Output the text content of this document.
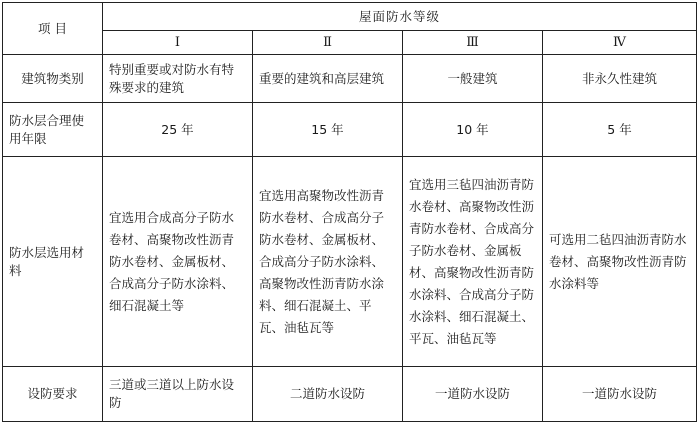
项 目	屋面防水等级			
	Ⅰ	Ⅱ	Ⅲ	Ⅳ
建筑物类别	特别重要或对防水有特殊要求的建筑	重要的建筑和高层建筑	一般建筑	非永久性建筑
防水层合理使用年限	25 年	15 年	10 年	5 年
防水层选用材料	宜选用合成高分子防水卷材、高聚物改性沥青防水卷材、金属板材、合成高分子防水涂料、细石混凝土等	宜选用高聚物改性沥青防水卷材、合成高分子防水卷材、金属板材、合成高分子防水涂料、高聚物改性沥青防水涂料、细石混凝土、平瓦、油毡瓦等	宜选用三毡四油沥青防水卷材、高聚物改性沥青防水卷材、合成高分子防水卷材、金属板材、高聚物改性沥青防水涂料、合成高分子防水涂料、细石混凝土、平瓦、油毡瓦等	可选用二毡四油沥青防水卷材、高聚物改性沥青防水涂料等
设防要求	三道或三道以上防水设防	二道防水设防	一道防水设防	一道防水设防
